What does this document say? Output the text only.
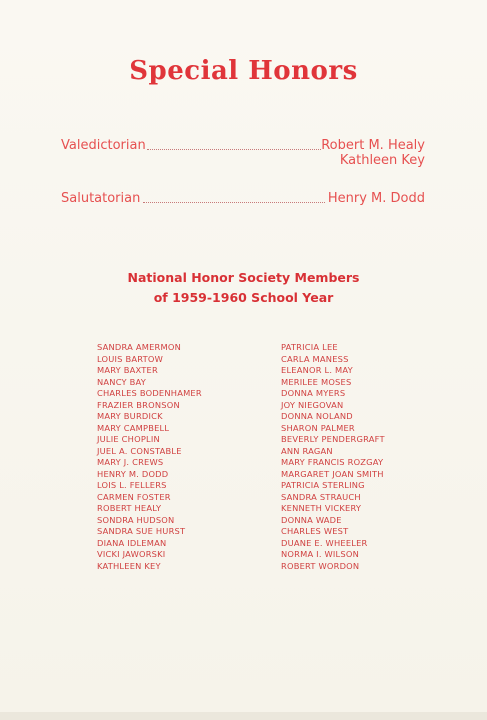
Special Honors
Valedictorian	Robert M. Healy
Kathleen Key
Salutatorian	Henry M. Dodd
National Honor Society Members
of 1959-1960 School Year
SANDRA AMERMON
LOUIS BARTOW
MARY BAXTER
NANCY BAY
CHARLES BODENHAMER
FRAZIER BRONSON
MARY BURDICK
MARY CAMPBELL
JULIE CHOPLIN
JUEL A. CONSTABLE
MARY J. CREWS
HENRY M. DODD
LOIS L. FELLERS
CARMEN FOSTER
ROBERT HEALY
SONDRA HUDSON
SANDRA SUE HURST
DIANA IDLEMAN
VICKI JAWORSKI
KATHLEEN KEY
PATRICIA LEE
CARLA MANESS
ELEANOR L. MAY
MERILEE MOSES
DONNA MYERS
JOY NIEGOVAN
DONNA NOLAND
SHARON PALMER
BEVERLY PENDERGRAFT
ANN RAGAN
MARY FRANCIS ROZGAY
MARGARET JOAN SMITH
PATRICIA STERLING
SANDRA STRAUCH
KENNETH VICKERY
DONNA WADE
CHARLES WEST
DUANE E. WHEELER
NORMA I. WILSON
ROBERT WORDON
